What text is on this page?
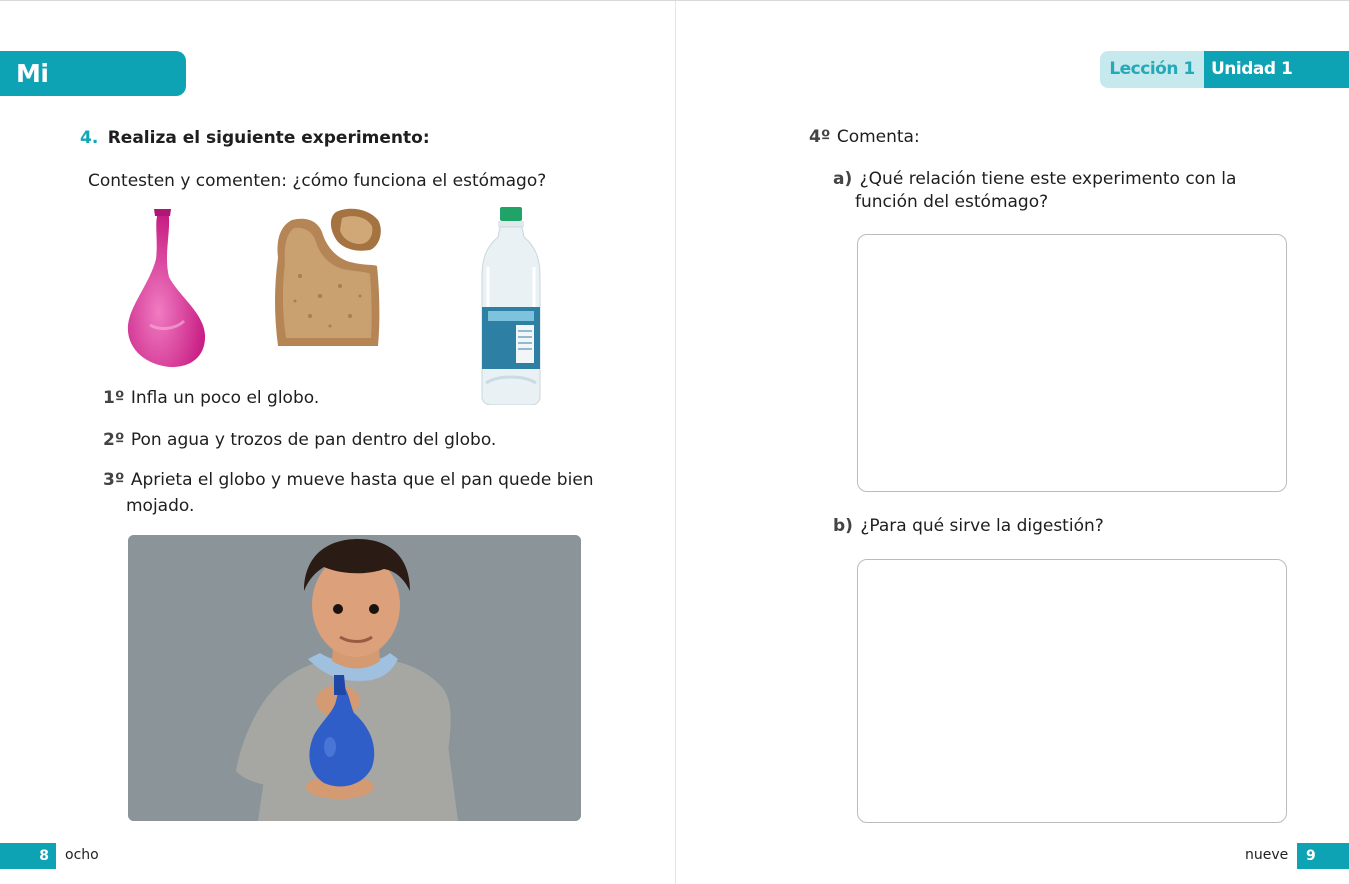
Mi estómago
4. Realiza el siguiente experimento:
Contesten y comenten: ¿cómo funciona el estómago?
1º Infla un poco el globo.
2º Pon agua y trozos de pan dentro del globo.
3º Aprieta el globo y mueve hasta que el pan quede bien
mojado.
Lección 1 Unidad 1
4º Comenta:
a) ¿Qué relación tiene este experimento con la
función del estómago?
b) ¿Para qué sirve la digestión?
8	ocho	nueve	9
